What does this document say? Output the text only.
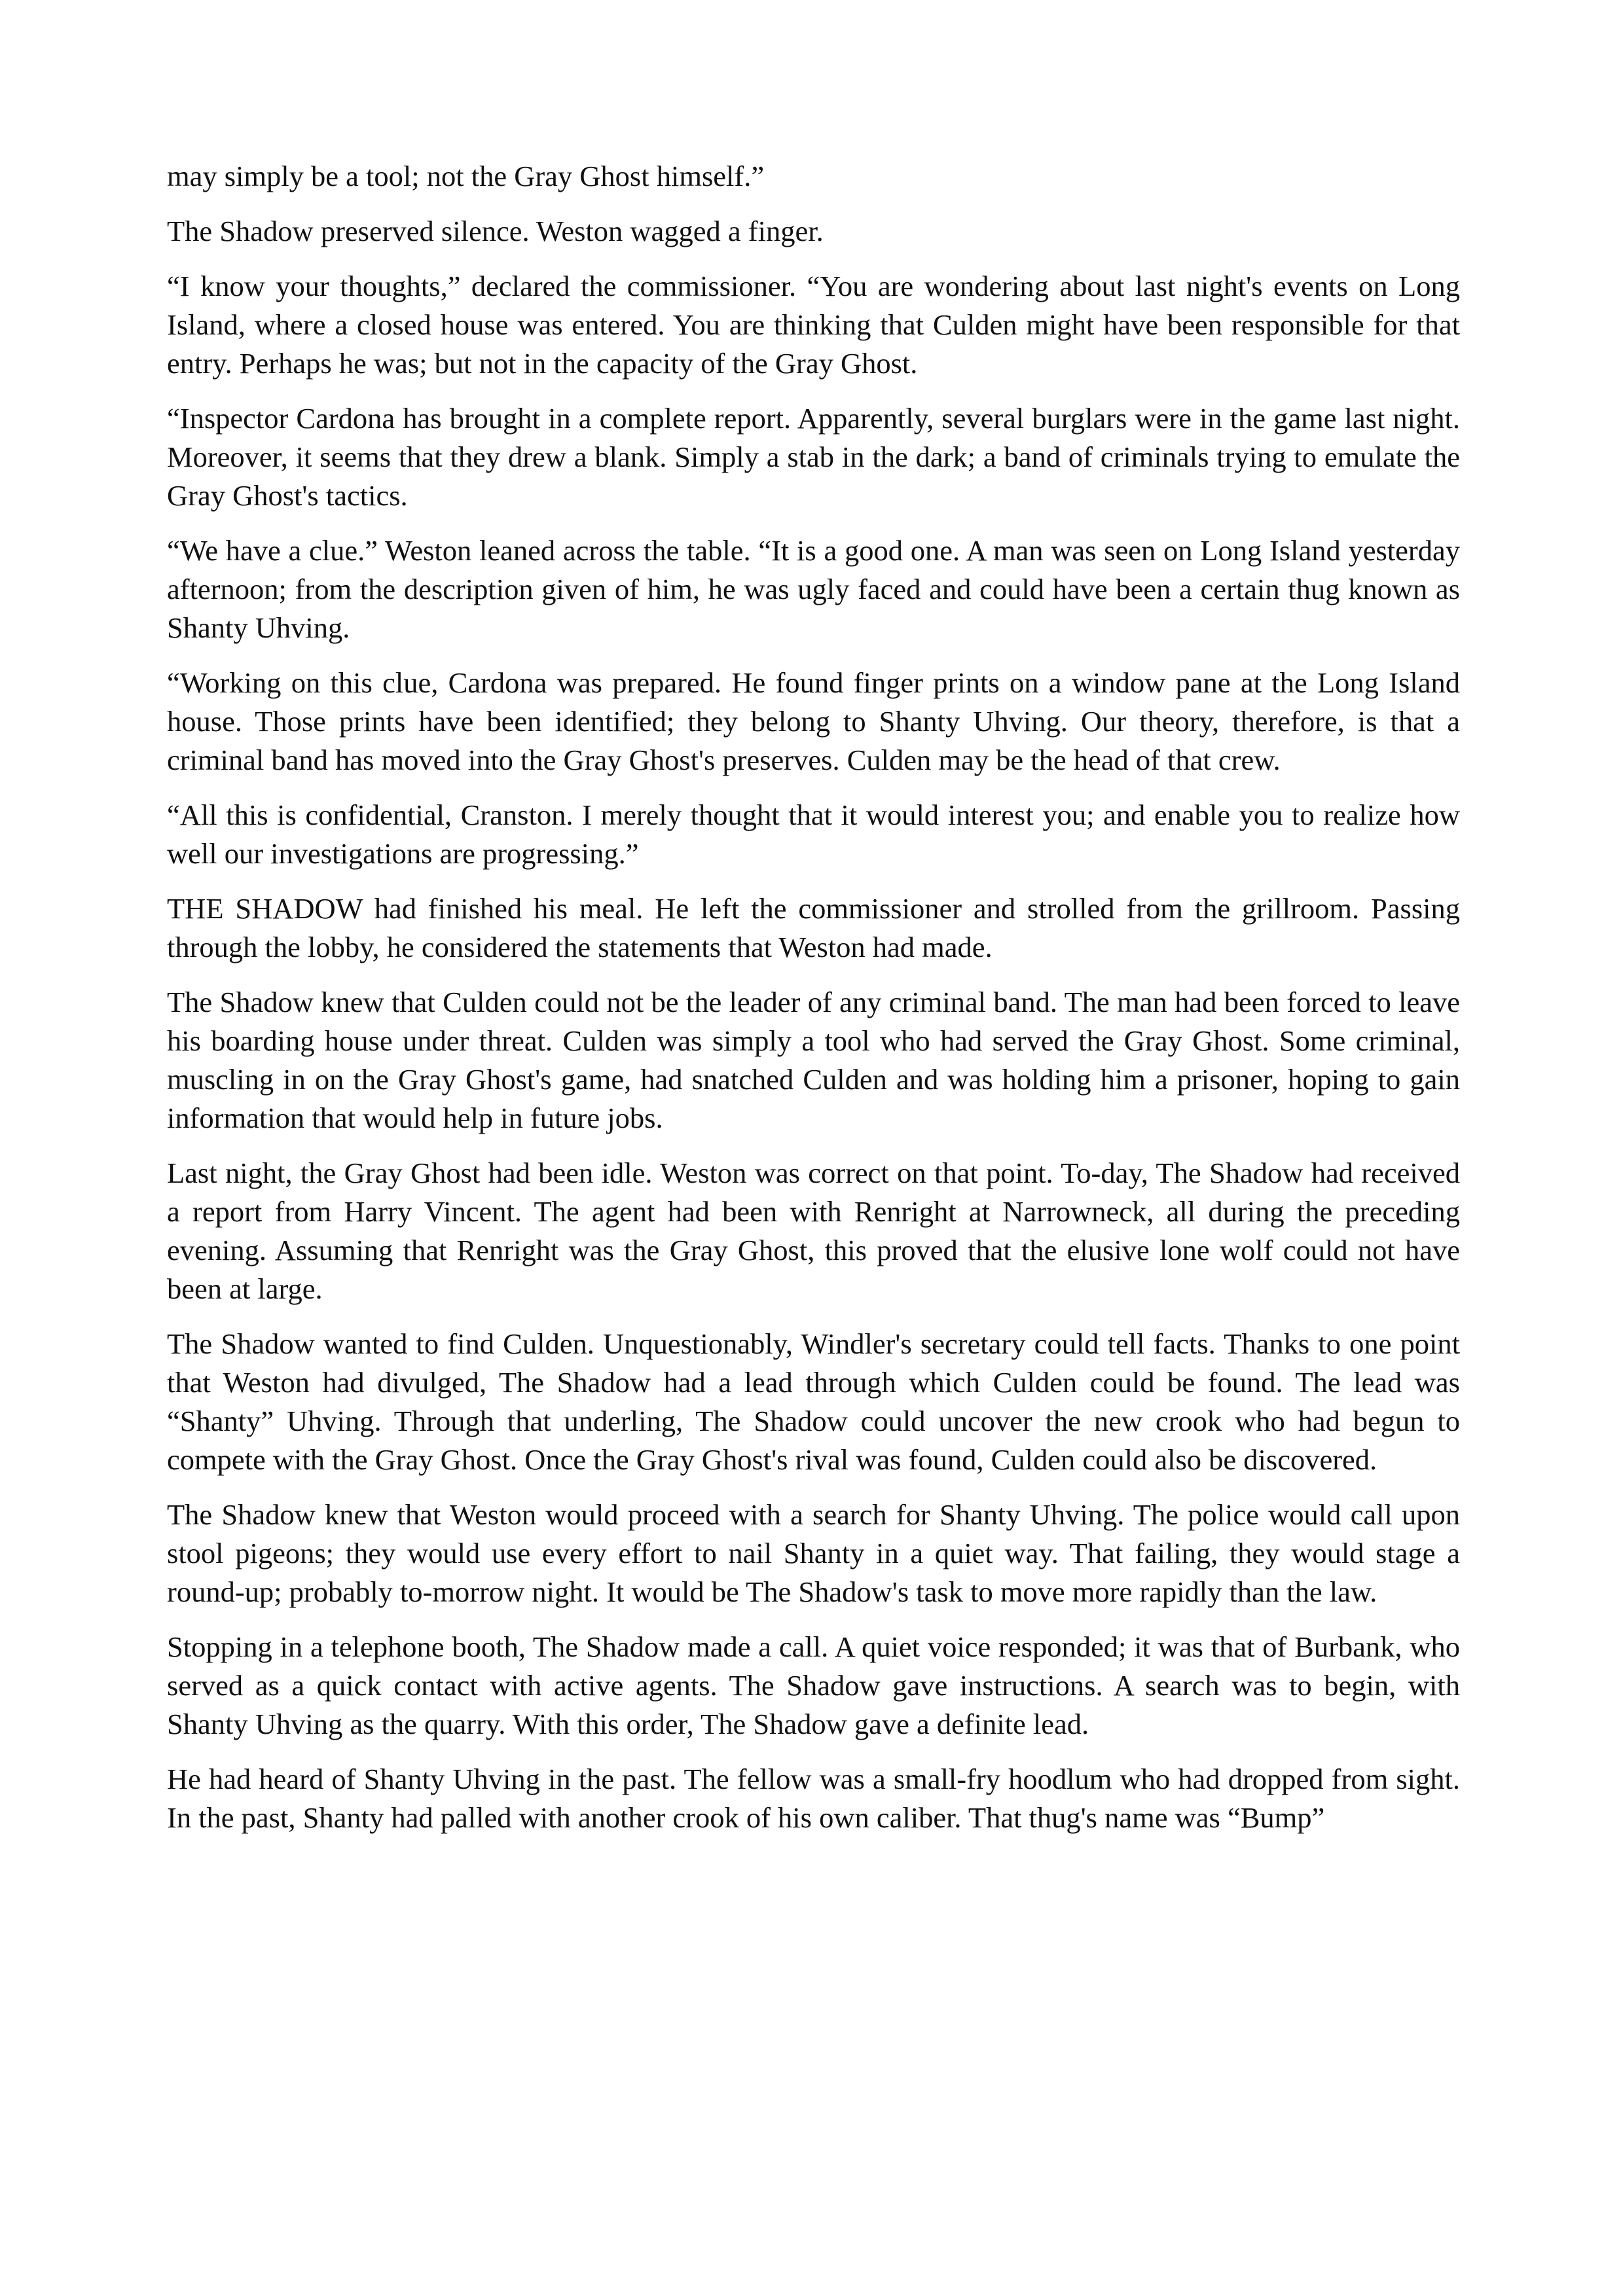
may simply be a tool; not the Gray Ghost himself.”

The Shadow preserved silence. Weston wagged a finger.

“I know your thoughts,” declared the commissioner. “You are wondering about last night's events on Long Island, where a closed house was entered. You are thinking that Culden might have been responsible for that entry. Perhaps he was; but not in the capacity of the Gray Ghost.

“Inspector Cardona has brought in a complete report. Apparently, several burglars were in the game last night. Moreover, it seems that they drew a blank. Simply a stab in the dark; a band of criminals trying to emulate the Gray Ghost's tactics.

“We have a clue.” Weston leaned across the table. “It is a good one. A man was seen on Long Island yesterday afternoon; from the description given of him, he was ugly faced and could have been a certain thug known as Shanty Uhving.

“Working on this clue, Cardona was prepared. He found finger prints on a window pane at the Long Island house. Those prints have been identified; they belong to Shanty Uhving. Our theory, therefore, is that a criminal band has moved into the Gray Ghost's preserves. Culden may be the head of that crew.

“All this is confidential, Cranston. I merely thought that it would interest you; and enable you to realize how well our investigations are progressing.”

THE SHADOW had finished his meal. He left the commissioner and strolled from the grillroom. Passing through the lobby, he considered the statements that Weston had made.

The Shadow knew that Culden could not be the leader of any criminal band. The man had been forced to leave his boarding house under threat. Culden was simply a tool who had served the Gray Ghost. Some criminal, muscling in on the Gray Ghost's game, had snatched Culden and was holding him a prisoner, hoping to gain information that would help in future jobs.

Last night, the Gray Ghost had been idle. Weston was correct on that point. To-day, The Shadow had received a report from Harry Vincent. The agent had been with Renright at Narrowneck, all during the preceding evening. Assuming that Renright was the Gray Ghost, this proved that the elusive lone wolf could not have been at large.

The Shadow wanted to find Culden. Unquestionably, Windler's secretary could tell facts. Thanks to one point that Weston had divulged, The Shadow had a lead through which Culden could be found. The lead was “Shanty” Uhving. Through that underling, The Shadow could uncover the new crook who had begun to compete with the Gray Ghost. Once the Gray Ghost's rival was found, Culden could also be discovered.

The Shadow knew that Weston would proceed with a search for Shanty Uhving. The police would call upon stool pigeons; they would use every effort to nail Shanty in a quiet way. That failing, they would stage a round-up; probably to-morrow night. It would be The Shadow's task to move more rapidly than the law.

Stopping in a telephone booth, The Shadow made a call. A quiet voice responded; it was that of Burbank, who served as a quick contact with active agents. The Shadow gave instructions. A search was to begin, with Shanty Uhving as the quarry. With this order, The Shadow gave a definite lead.

He had heard of Shanty Uhving in the past. The fellow was a small-fry hoodlum who had dropped from sight. In the past, Shanty had palled with another crook of his own caliber. That thug's name was “Bump”
